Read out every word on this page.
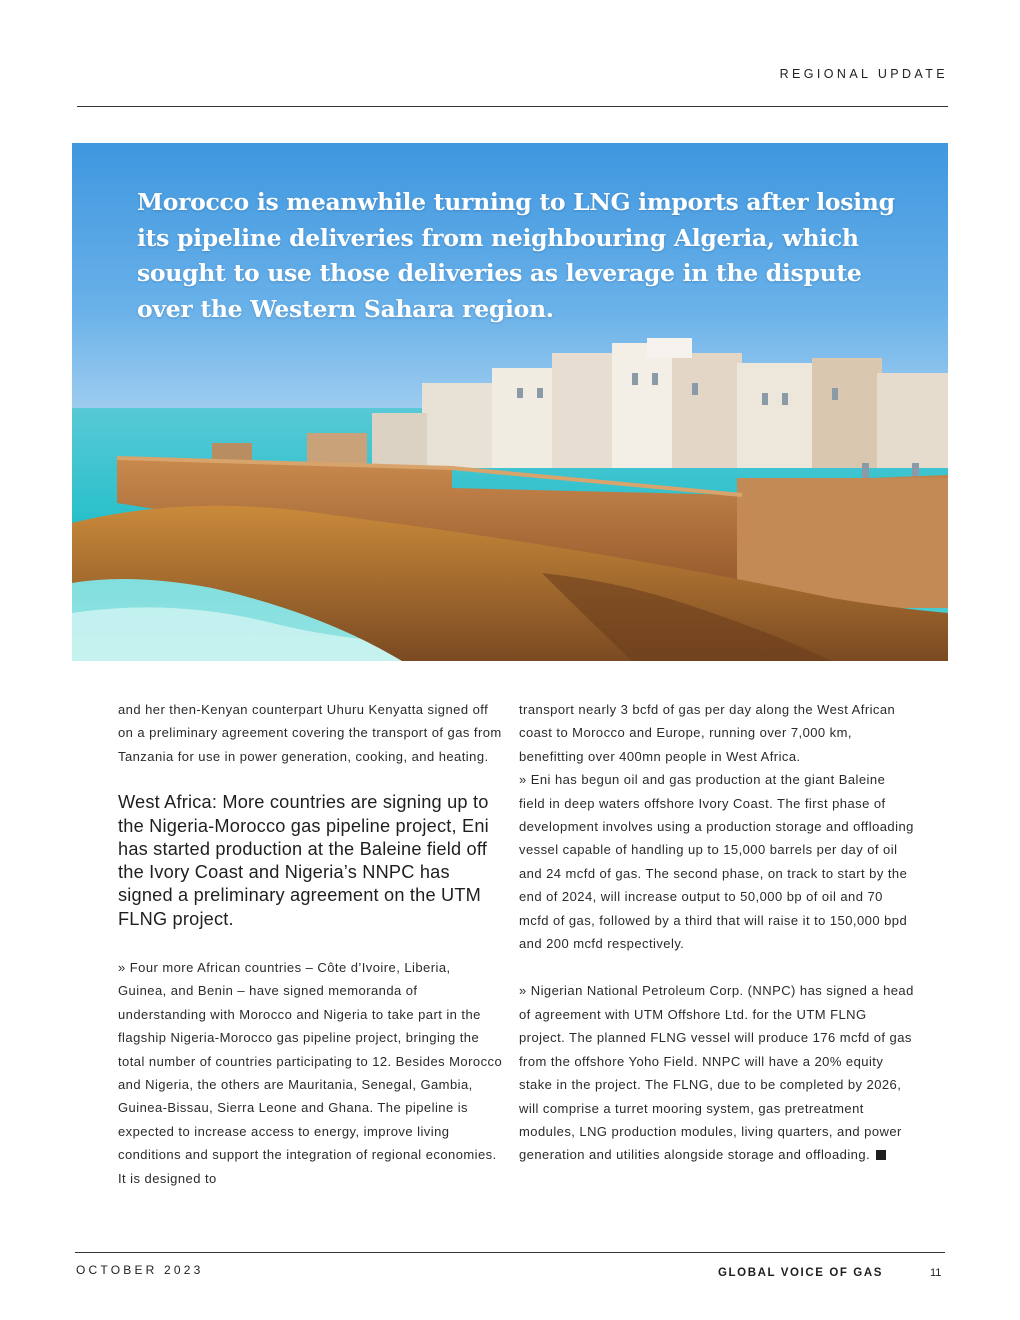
REGIONAL UPDATE

Morocco is meanwhile turning to LNG imports after losing its pipeline deliveries from neighbouring Algeria, which sought to use those deliveries as leverage in the dispute over the Western Sahara region.

and her then-Kenyan counterpart Uhuru Kenyatta signed off on a preliminary agreement covering the transport of gas from Tanzania for use in power generation, cooking, and heating.

West Africa: More countries are signing up to the Nigeria-Morocco gas pipeline project, Eni has started production at the Baleine field off the Ivory Coast and Nigeria’s NNPC has signed a preliminary agreement on the UTM FLNG project.

» Four more African countries – Côte d’Ivoire, Liberia, Guinea, and Benin – have signed memoranda of understanding with Morocco and Nigeria to take part in the flagship Nigeria-Morocco gas pipeline project, bringing the total number of countries participating to 12. Besides Morocco and Nigeria, the others are Mauritania, Senegal, Gambia, Guinea-Bissau, Sierra Leone and Ghana. The pipeline is expected to increase access to energy, improve living conditions and support the integration of regional economies. It is designed to

transport nearly 3 bcfd of gas per day along the West African coast to Morocco and Europe, running over 7,000 km, benefitting over 400mn people in West Africa.

» Eni has begun oil and gas production at the giant Baleine field in deep waters offshore Ivory Coast. The first phase of development involves using a production storage and offloading vessel capable of handling up to 15,000 barrels per day of oil and 24 mcfd of gas. The second phase, on track to start by the end of 2024, will increase output to 50,000 bp of oil and 70 mcfd of gas, followed by a third that will raise it to 150,000 bpd and 200 mcfd respectively.

» Nigerian National Petroleum Corp. (NNPC) has signed a head of agreement with UTM Offshore Ltd. for the UTM FLNG project. The planned FLNG vessel will produce 176 mcfd of gas from the offshore Yoho Field. NNPC will have a 20% equity stake in the project. The FLNG, due to be completed by 2026, will comprise a turret mooring system, gas pretreatment modules, LNG production modules, living quarters, and power generation and utilities alongside storage and offloading.

OCTOBER 2023	GLOBAL VOICE OF GAS	11
